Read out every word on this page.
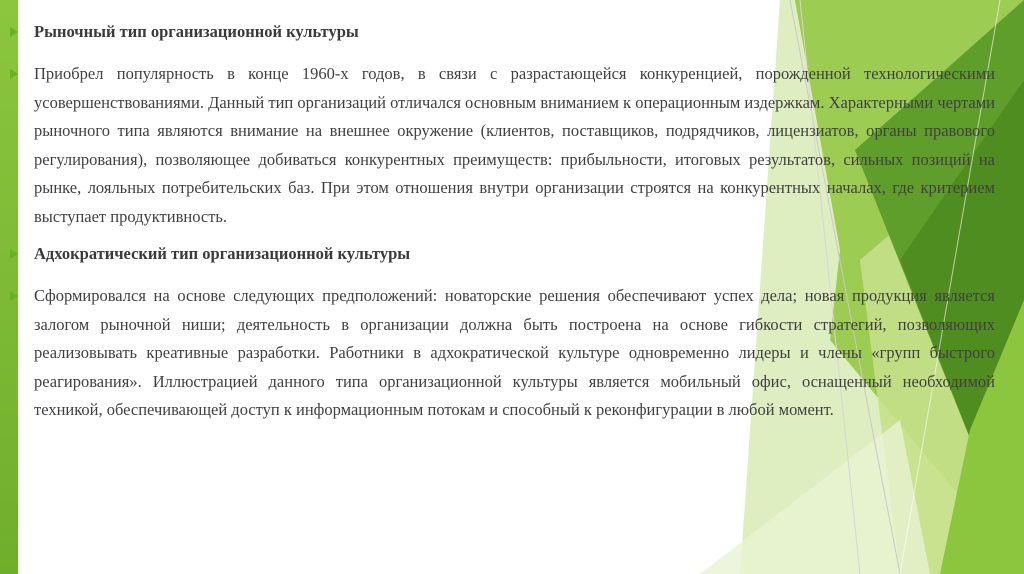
Рыночный тип организационной культуры
Приобрел популярность в конце 1960-х годов, в связи с разрастающейся конкуренцией, порожденной технологическими усовершенствованиями. Данный тип организаций отличался основным вниманием к операционным издержкам. Характерными чертами рыночного типа являются внимание на внешнее окружение (клиентов, поставщиков, подрядчиков, лицензиатов, органы правового регулирования), позволяющее добиваться конкурентных преимуществ: прибыльности, итоговых результатов, сильных позиций на рынке, лояльных потребительских баз. При этом отношения внутри организации строятся на конкурентных началах, где критерием выступает продуктивность.
Адхократический тип организационной культуры
Сформировался на основе следующих предположений: новаторские решения обеспечивают успех дела; новая продукция является залогом рыночной ниши; деятельность в организации должна быть построена на основе гибкости стратегий, позволяющих реализовывать креативные разработки. Работники в адхократической культуре одновременно лидеры и члены «групп быстрого реагирования». Иллюстрацией данного типа организационной культуры является мобильный офис, оснащенный необходимой техникой, обеспечивающей доступ к информационным потокам и способный к реконфигурации в любой момент.
